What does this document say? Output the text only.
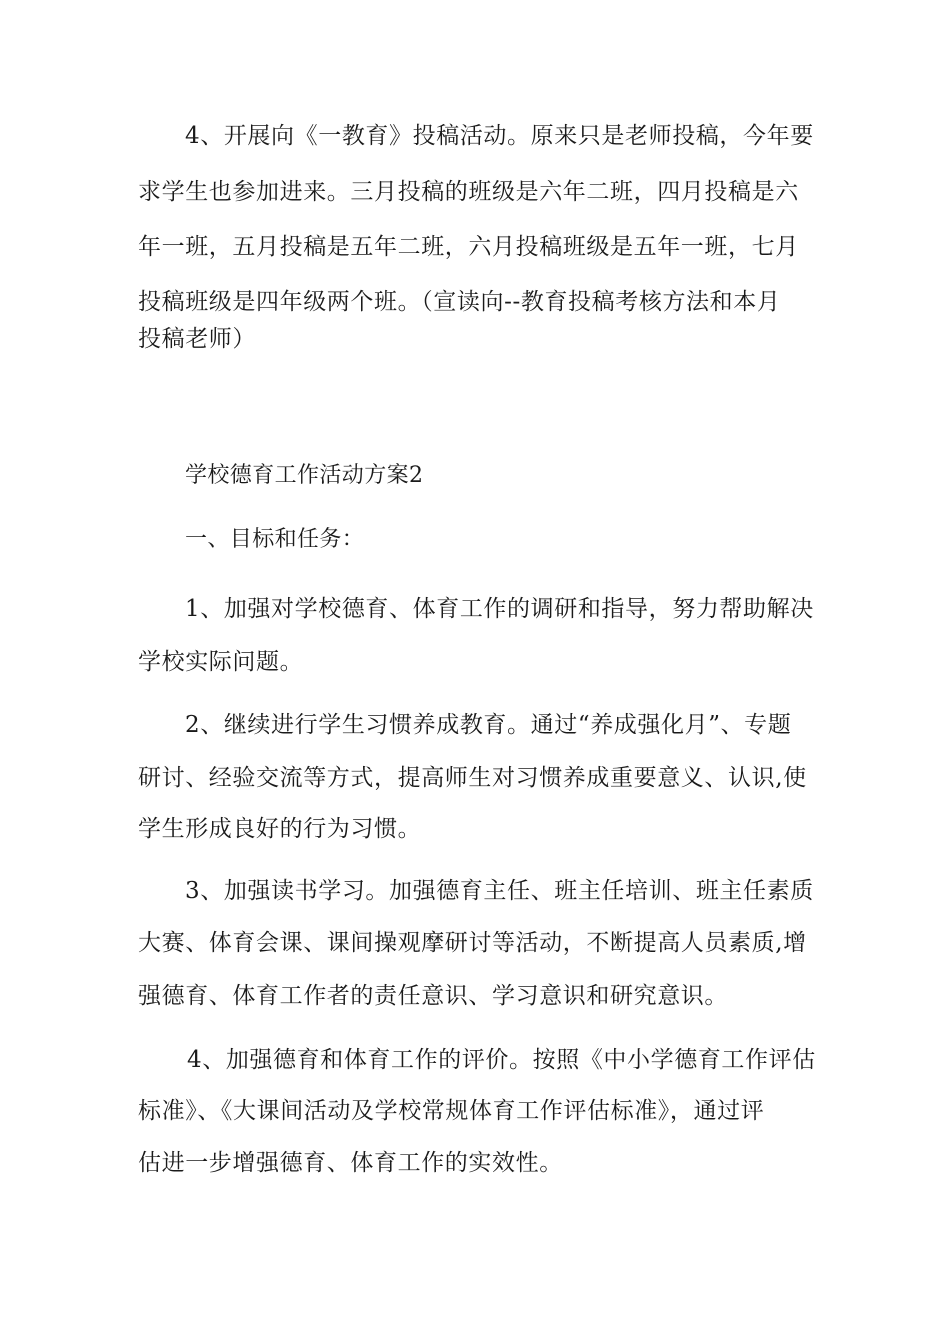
4、开展向《一教育》投稿活动。原来只是老师投稿，今年要
求学生也参加进来。三月投稿的班级是六年二班，四月投稿是六
年一班，五月投稿是五年二班，六月投稿班级是五年一班，七月
投稿班级是四年级两个班。（宣读向--教育投稿考核方法和本月
投稿老师）
学校德育工作活动方案2
一、目标和任务：
1、加强对学校德育、体育工作的调研和指导，努力帮助解决
学校实际问题。
2、继续进行学生习惯养成教育。通过“养成强化月”、专题
研讨、经验交流等方式，提高师生对习惯养成重要意义、认识,使
学生形成良好的行为习惯。
3、加强读书学习。加强德育主任、班主任培训、班主任素质
大赛、体育会课、课间操观摩研讨等活动，不断提高人员素质,增
强德育、体育工作者的责任意识、学习意识和研究意识。
4、加强德育和体育工作的评价。按照《中小学德育工作评估
标准》、《大课间活动及学校常规体育工作评估标准》，通过评
估进一步增强德育、体育工作的实效性。
